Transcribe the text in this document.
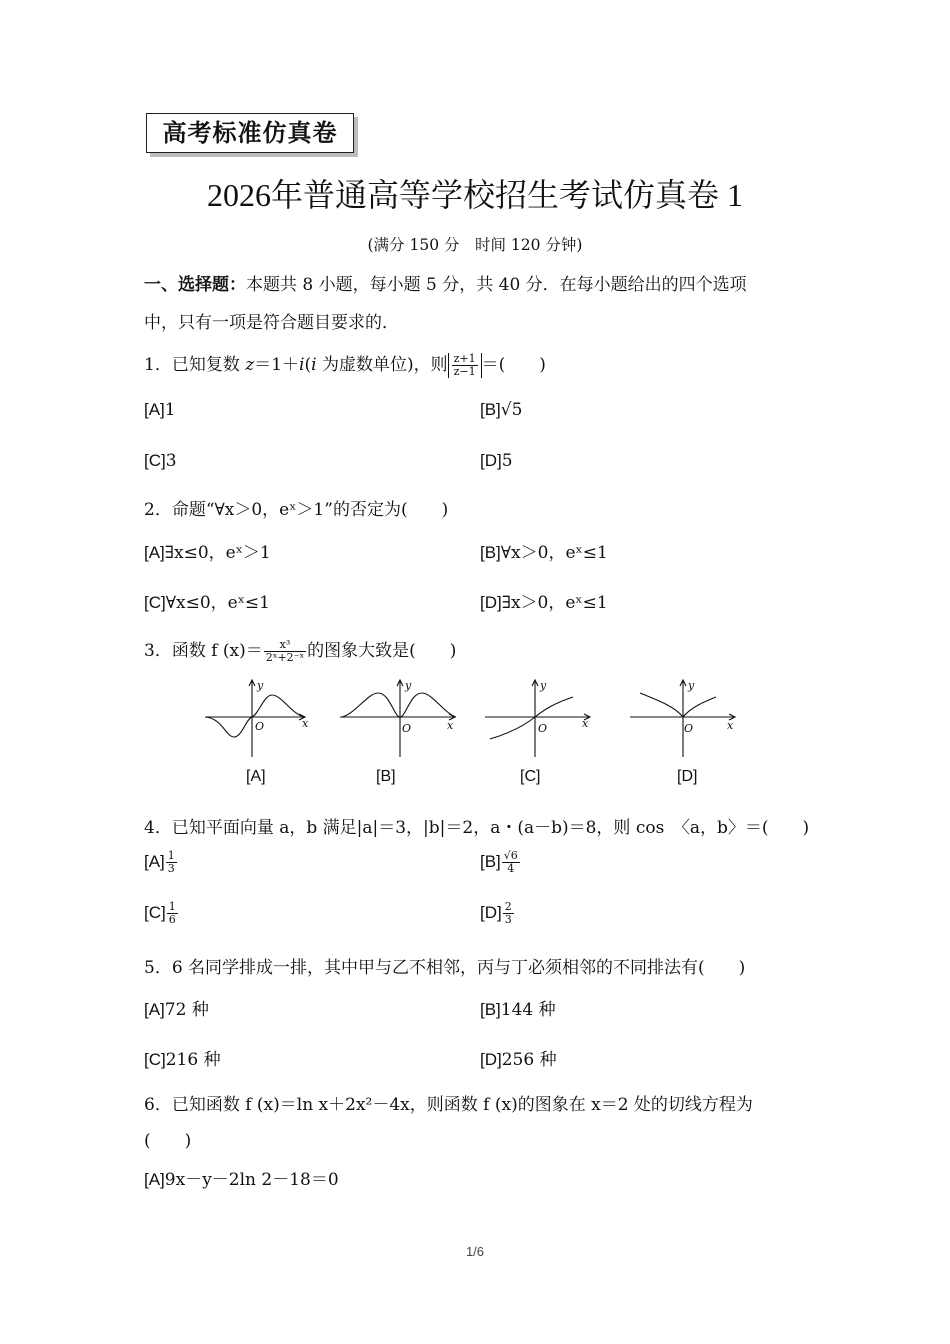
高考标准仿真卷
2026年普通高等学校招生考试仿真卷 1
(满分 150 分　时间 120 分钟)
一、选择题：本题共 8 小题，每小题 5 分，共 40 分．在每小题给出的四个选项
中，只有一项是符合题目要求的．
1．已知复数 z＝1＋i(i 为虚数单位)，则 $\frac{z+1}{z-1}$ ＝(　　)
[A]1	[B]√5
[C]3	[D]5
2．命题“∀x＞0，eˣ＞1”的否定为(　　)
[A]∃x≤0，eˣ＞1	[B]∀x＞0，eˣ≤1
[C]∀x≤0，eˣ≤1	[D]∃x＞0，eˣ≤1
3．函数 f $(x)= \frac{\text{x³}}{\text{2ˣ+2⁻ˣ}}$ 的图象大致是(　　)
x
y
O	x
y
O	x
y
O	x
y
O
[A]	[B]	[C]	[D]
4．已知平面向量 a，b 满足|a|＝3，|b|＝2，a・(a－b)＝8，则 cos　〈a，b〉＝(　　)
$[A] \frac{1}{3}$	$[B] \frac{√6}{4}$
$[C] \frac{1}{6}$	$[D] \frac{2}{3}$
5．6 名同学排成一排，其中甲与乙不相邻，丙与丁必须相邻的不同排法有(　　)
[A]72 种	[B]144 种
[C]216 种	[D]256 种
6．已知函数 f (x)＝ln x＋2x²－4x，则函数 f (x)的图象在 x＝2 处的切线方程为
(　　)
[A]9x－y－2ln 2－18＝0
1/6
